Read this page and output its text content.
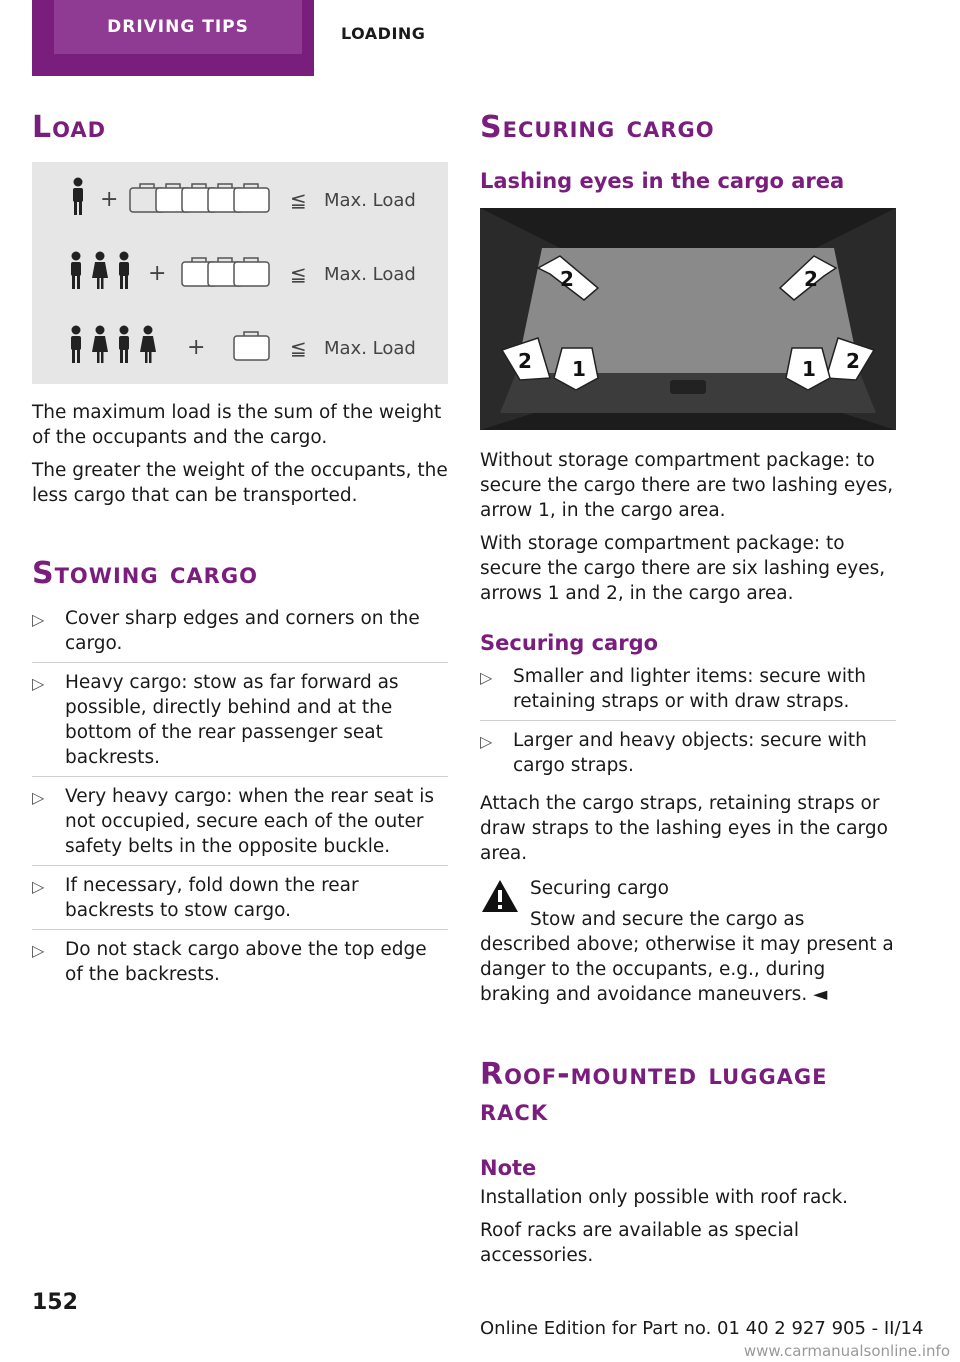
DRIVING TIPS	LOADING
Load
+	≦ Max. Load
+	≦ Max. Load
+	≦ Max. Load

The maximum load is the sum of the weight of the occupants and the cargo.

The greater the weight of the occupants, the less cargo that can be transported.

Stowing cargo
▷ Cover sharp edges and corners on the cargo.
▷ Heavy cargo: stow as far forward as possible, directly behind and at the bottom of the rear passenger seat backrests.
▷ Very heavy cargo: when the rear seat is not occupied, secure each of the outer safety belts in the opposite buckle.
▷ If necessary, fold down the rear backrests to stow cargo.
▷ Do not stack cargo above the top edge of the backrests.
Securing cargo
Lashing eyes in the cargo area
2	2
2 1	1 2

Without storage compartment package: to secure the cargo there are two lashing eyes, arrow 1, in the cargo area.

With storage compartment package: to secure the cargo there are six lashing eyes, arrows 1 and 2, in the cargo area.

Securing cargo
▷ Smaller and lighter items: secure with retaining straps or with draw straps.
▷ Larger and heavy objects: secure with cargo straps.

Attach the cargo straps, retaining straps or draw straps to the lashing eyes in the cargo area.

Securing cargo

Stow and secure the cargo as described above; otherwise it may present a danger to the occupants, e.g., during braking and avoidance maneuvers. ◄

Roof-mounted luggage rack
Note

Installation only possible with roof rack.

Roof racks are available as special accessories.

152
Online Edition for Part no. 01 40 2 927 905 - II/14
www.carmanualsonline.info
